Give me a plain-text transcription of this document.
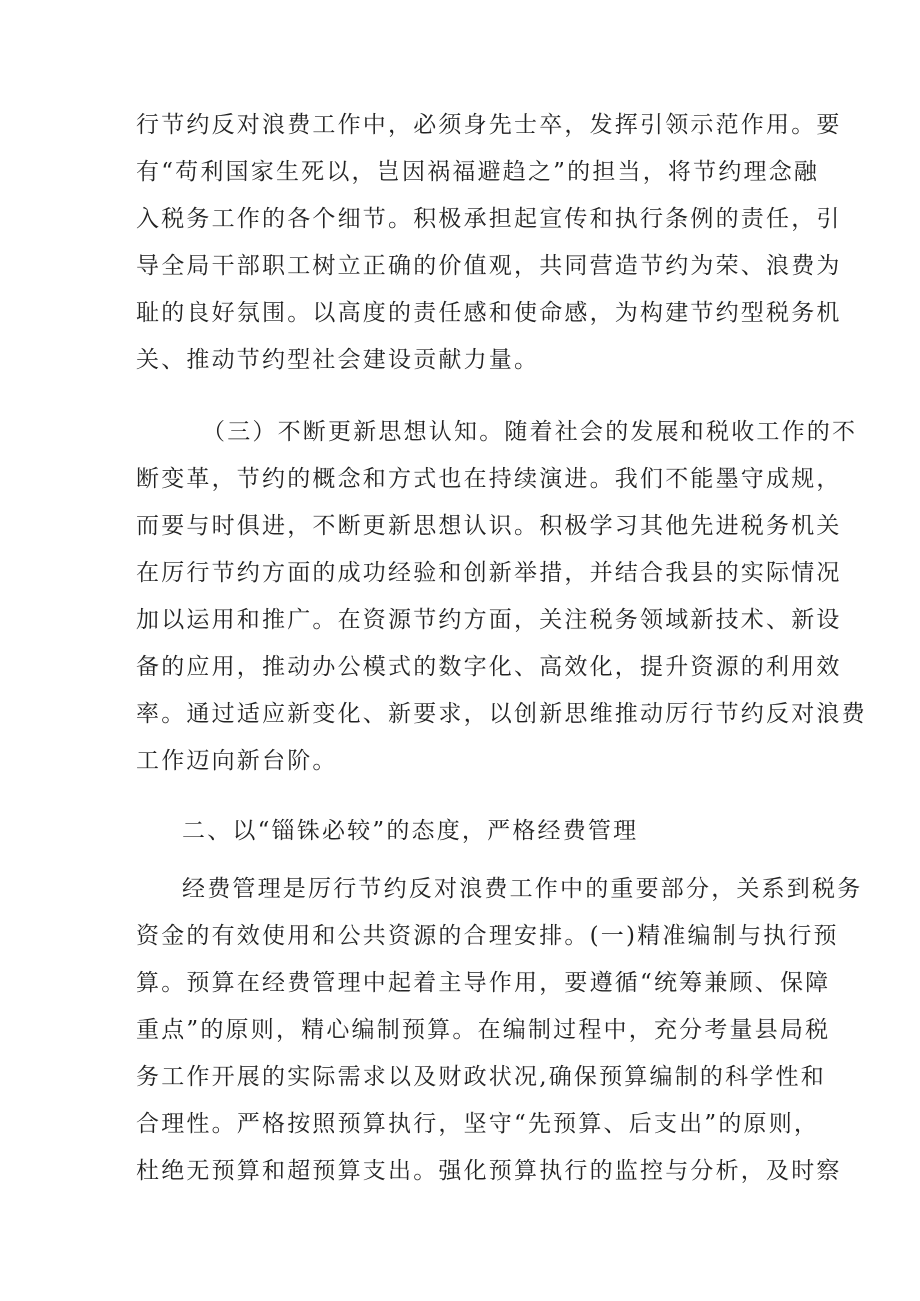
行节约反对浪费工作中，必须身先士卒，发挥引领示范作用。要
有“苟利国家生死以，岂因祸福避趋之”的担当，将节约理念融
入税务工作的各个细节。积极承担起宣传和执行条例的责任，引
导全局干部职工树立正确的价值观，共同营造节约为荣、浪费为
耻的良好氛围。以高度的责任感和使命感，为构建节约型税务机
关、推动节约型社会建设贡献力量。
（三）不断更新思想认知。随着社会的发展和税收工作的不
断变革，节约的概念和方式也在持续演进。我们不能墨守成规，
而要与时俱进，不断更新思想认识。积极学习其他先进税务机关
在厉行节约方面的成功经验和创新举措，并结合我县的实际情况
加以运用和推广。在资源节约方面，关注税务领域新技术、新设
备的应用，推动办公模式的数字化、高效化，提升资源的利用效
率。通过适应新变化、新要求，以创新思维推动厉行节约反对浪费
工作迈向新台阶。
二、以“锱铢必较”的态度，严格经费管理
经费管理是厉行节约反对浪费工作中的重要部分，关系到税务
资金的有效使用和公共资源的合理安排。(一)精准编制与执行预
算。预算在经费管理中起着主导作用，要遵循“统筹兼顾、保障
重点”的原则，精心编制预算。在编制过程中，充分考量县局税
务工作开展的实际需求以及财政状况,确保预算编制的科学性和
合理性。严格按照预算执行，坚守“先预算、后支出”的原则，
杜绝无预算和超预算支出。强化预算执行的监控与分析，及时察
